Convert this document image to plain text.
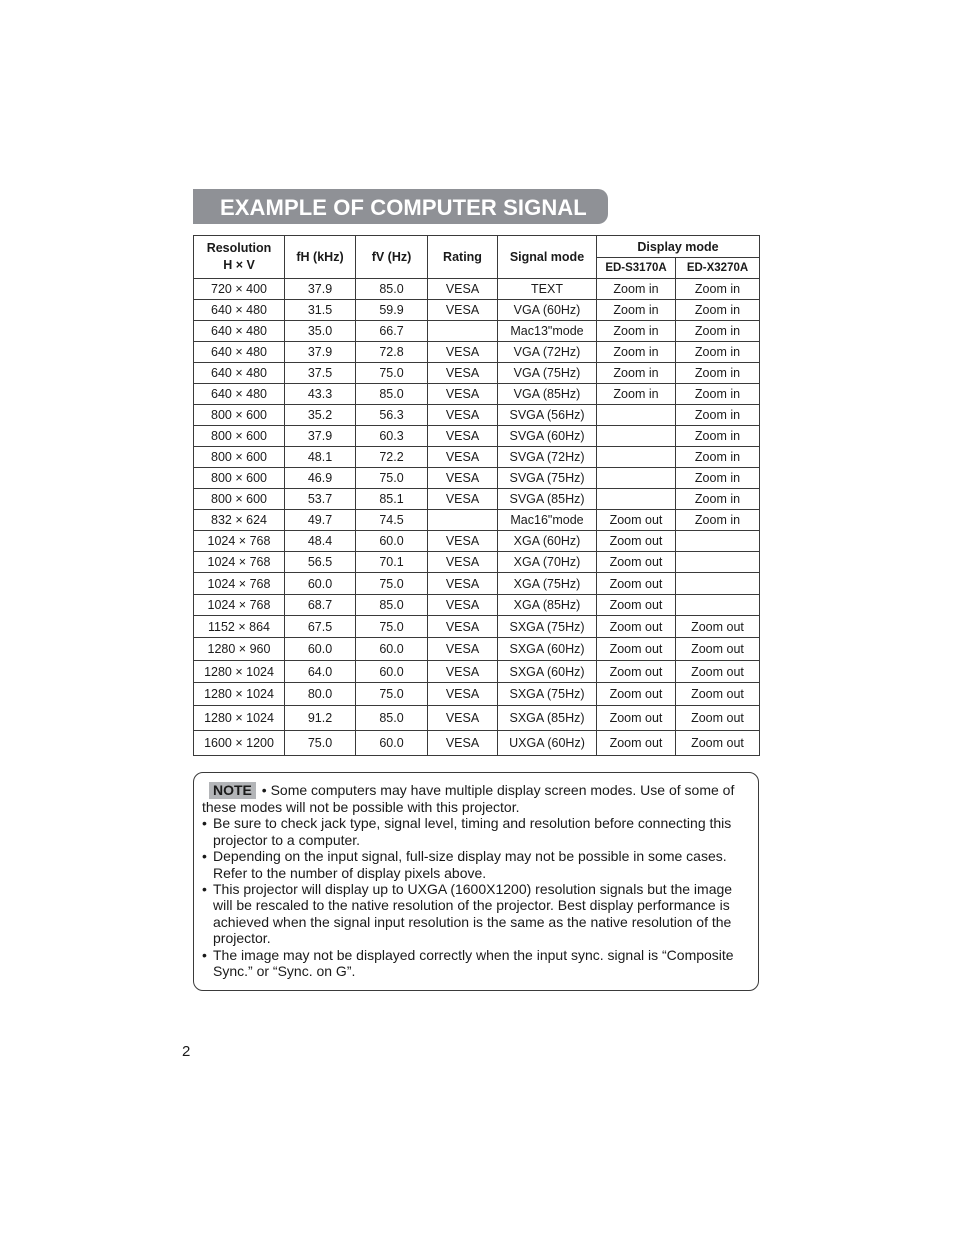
EXAMPLE OF COMPUTER SIGNAL
Resolution
H × V	fH (kHz)	fV (Hz)	Rating	Signal mode	Display mode	
					ED-S3170A	ED-X3270A
720 × 400	37.9	85.0	VESA	TEXT	Zoom in	Zoom in
640 × 480	31.5	59.9	VESA	VGA (60Hz)	Zoom in	Zoom in
640 × 480	35.0	66.7		Mac13"mode	Zoom in	Zoom in
640 × 480	37.9	72.8	VESA	VGA (72Hz)	Zoom in	Zoom in
640 × 480	37.5	75.0	VESA	VGA (75Hz)	Zoom in	Zoom in
640 × 480	43.3	85.0	VESA	VGA (85Hz)	Zoom in	Zoom in
800 × 600	35.2	56.3	VESA	SVGA (56Hz)		Zoom in
800 × 600	37.9	60.3	VESA	SVGA (60Hz)		Zoom in
800 × 600	48.1	72.2	VESA	SVGA (72Hz)		Zoom in
800 × 600	46.9	75.0	VESA	SVGA (75Hz)		Zoom in
800 × 600	53.7	85.1	VESA	SVGA (85Hz)		Zoom in
832 × 624	49.7	74.5		Mac16"mode	Zoom out	Zoom in
1024 × 768	48.4	60.0	VESA	XGA (60Hz)	Zoom out	
1024 × 768	56.5	70.1	VESA	XGA (70Hz)	Zoom out	
1024 × 768	60.0	75.0	VESA	XGA (75Hz)	Zoom out	
1024 × 768	68.7	85.0	VESA	XGA (85Hz)	Zoom out	
1152 × 864	67.5	75.0	VESA	SXGA (75Hz)	Zoom out	Zoom out
1280 × 960	60.0	60.0	VESA	SXGA (60Hz)	Zoom out	Zoom out
1280 × 1024	64.0	60.0	VESA	SXGA (60Hz)	Zoom out	Zoom out
1280 × 1024	80.0	75.0	VESA	SXGA (75Hz)	Zoom out	Zoom out
1280 × 1024	91.2	85.0	VESA	SXGA (85Hz)	Zoom out	Zoom out
1600 × 1200	75.0	60.0	VESA	UXGA (60Hz)	Zoom out	Zoom out

NOTE • Some computers may have multiple display screen modes. Use of some of these modes will not be possible with this projector.

• Be sure to check jack type, signal level, timing and resolution before connecting this projector to a computer.
• Depending on the input signal, full-size display may not be possible in some cases. Refer to the number of display pixels above.
• This projector will display up to UXGA (1600X1200) resolution signals but the image will be rescaled to the native resolution of the projector. Best display performance is achieved when the signal input resolution is the same as the native resolution of the projector.
• The image may not be displayed correctly when the input sync. signal is “Composite Sync.” or “Sync. on G”.
2
